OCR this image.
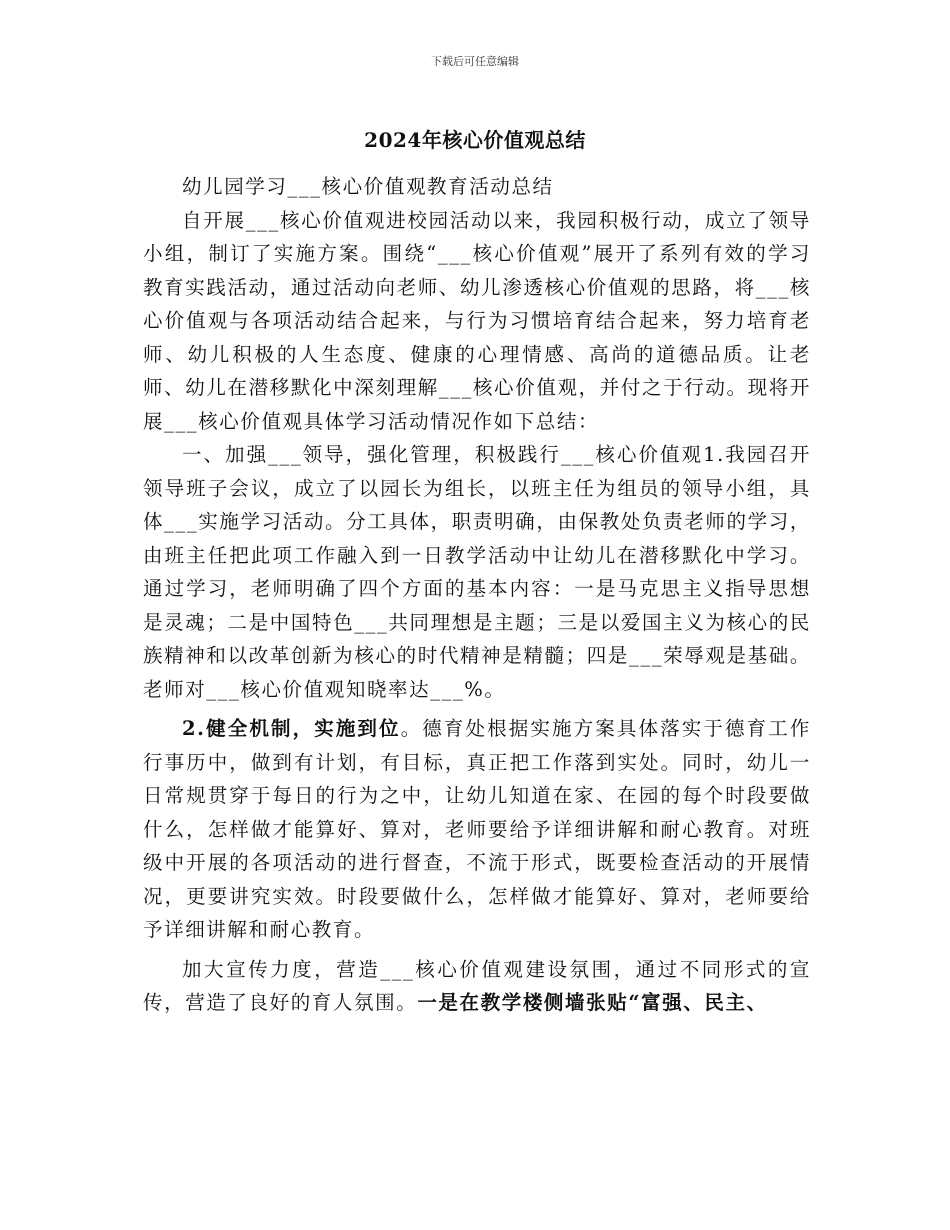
下载后可任意编辑
2024年核心价值观总结

幼儿园学习___核心价值观教育活动总结

自开展___核心价值观进校园活动以来，我园积极行动，成立了领导小组，制订了实施方案。围绕“___核心价值观”展开了系列有效的学习教育实践活动，通过活动向老师、幼儿渗透核心价值观的思路，将___核心价值观与各项活动结合起来，与行为习惯培育结合起来，努力培育老师、幼儿积极的人生态度、健康的心理情感、高尚的道德品质。让老师、幼儿在潜移默化中深刻理解___核心价值观，并付之于行动。现将开展___核心价值观具体学习活动情况作如下总结：

一、加强___领导，强化管理，积极践行___核心价值观1.我园召开领导班子会议，成立了以园长为组长，以班主任为组员的领导小组，具体___实施学习活动。分工具体，职责明确，由保教处负责老师的学习，由班主任把此项工作融入到一日教学活动中让幼儿在潜移默化中学习。通过学习，老师明确了四个方面的基本内容：一是马克思主义指导思想是灵魂；二是中国特色___共同理想是主题；三是以爱国主义为核心的民族精神和以改革创新为核心的时代精神是精髓；四是___荣辱观是基础。老师对___核心价值观知晓率达___%。

2.健全机制，实施到位。德育处根据实施方案具体落实于德育工作行事历中，做到有计划，有目标，真正把工作落到实处。同时，幼儿一日常规贯穿于每日的行为之中，让幼儿知道在家、在园的每个时段要做什么，怎样做才能算好、算对，老师要给予详细讲解和耐心教育。对班级中开展的各项活动的进行督查，不流于形式，既要检查活动的开展情况，更要讲究实效。时段要做什么，怎样做才能算好、算对，老师要给予详细讲解和耐心教育。

加大宣传力度，营造___核心价值观建设氛围，通过不同形式的宣传，营造了良好的育人氛围。一是在教学楼侧墙张贴“富强、民主、
